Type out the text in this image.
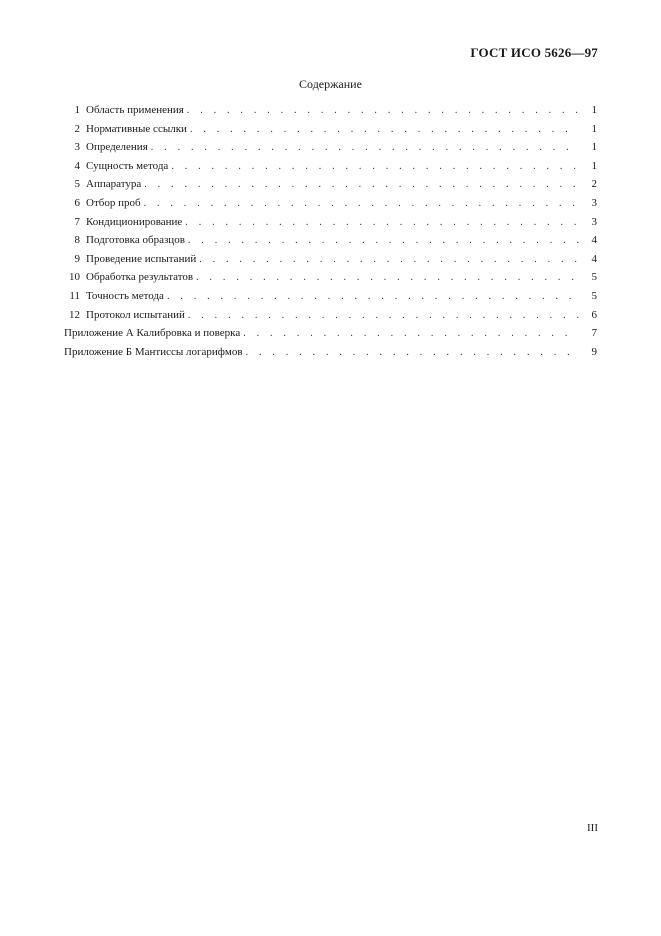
ГОСТ ИСО 5626—97
Содержание
1 Область применения . . .	1
2 Нормативные ссылки . . .	1
3 Определения . . .	1
4 Сущность метода . . .	1
5 Аппаратура . . .	2
6 Отбор проб . . .	3
7 Кондиционирование . . .	3
8 Подготовка образцов . . .	4
9 Проведение испытаний . . .	4
10 Обработка результатов . . .	5
11 Точность метода . . .	5
12 Протокол испытаний . . .	6
Приложение А Калибровка и поверка . . .	7
Приложение Б Мантиссы логарифмов . . .	9
III
